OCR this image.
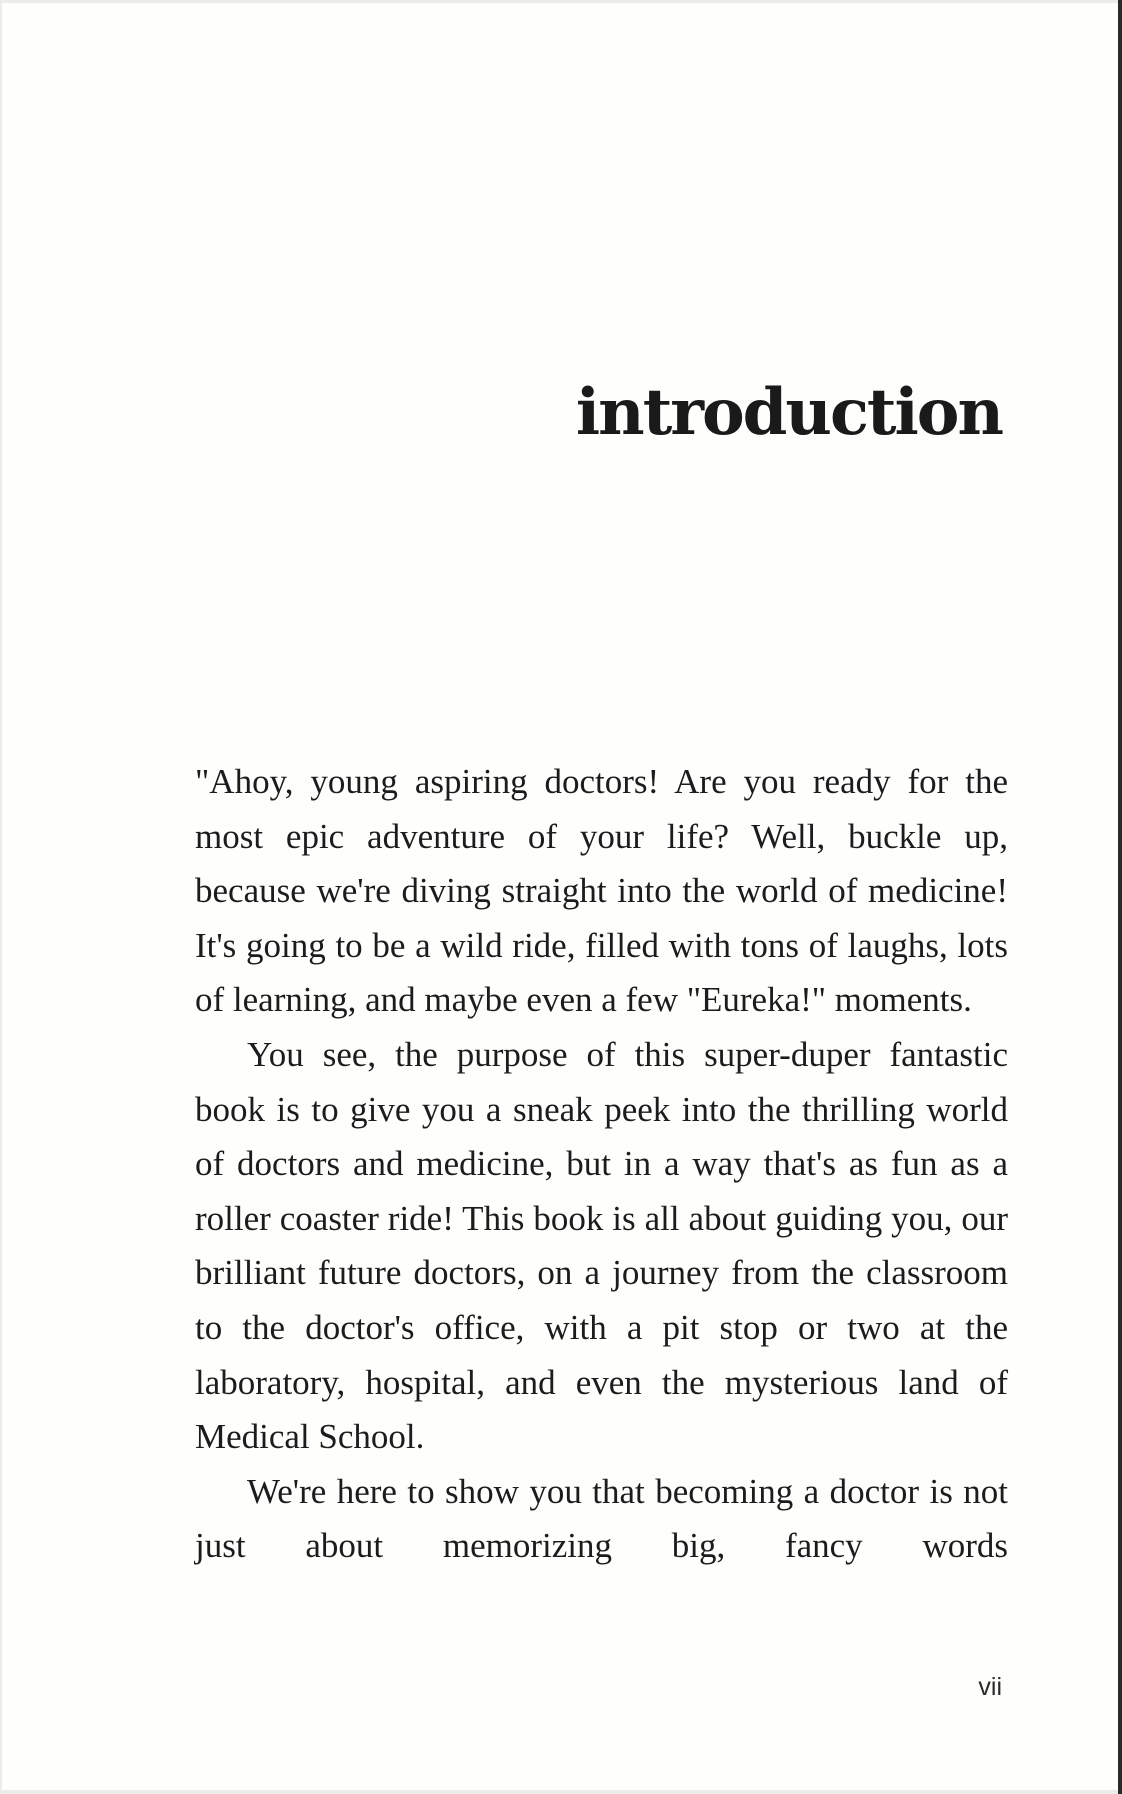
introduction

"Ahoy, young aspiring doctors! Are you ready for the most epic adventure of your life? Well, buckle up, because we're diving straight into the world of medicine! It's going to be a wild ride, filled with tons of laughs, lots of learning, and maybe even a few "Eureka!" moments.

You see, the purpose of this super-duper fantastic book is to give you a sneak peek into the thrilling world of doctors and medicine, but in a way that's as fun as a roller coaster ride! This book is all about guiding you, our brilliant future doctors, on a journey from the classroom to the doctor's office, with a pit stop or two at the laboratory, hospital, and even the mysterious land of Medical School.

We're here to show you that becoming a doctor is not just about memorizing big, fancy words

vii
